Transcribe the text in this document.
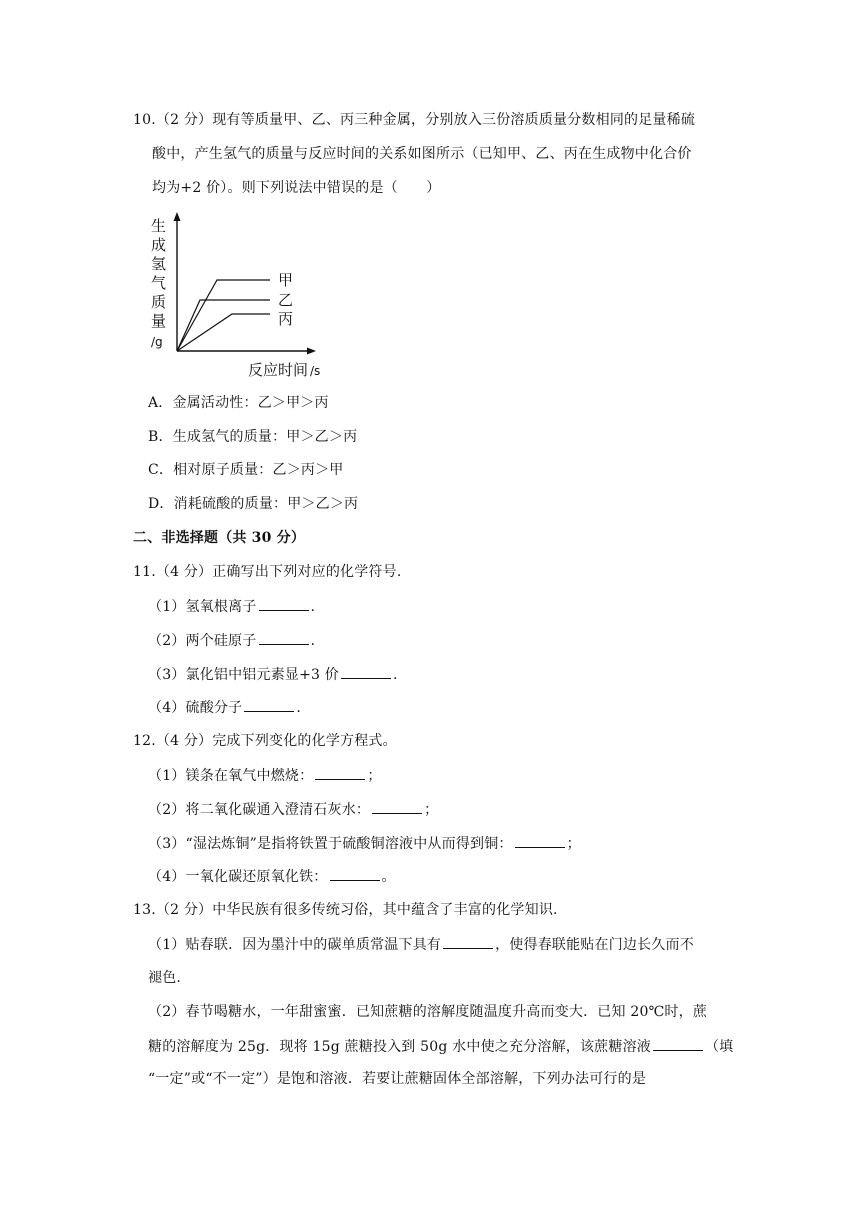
10.（2 分）现有等质量甲、乙、丙三种金属，分别放入三份溶质质量分数相同的足量稀硫
酸中，产生氢气的质量与反应时间的关系如图所示（已知甲、乙、丙在生成物中化合价
均为+2 价）。则下列说法中错误的是（　　）
生
成
氢
气
质
量
/g
甲
乙
丙
反应时间 /s
A．金属活动性：乙＞甲＞丙
B．生成氢气的质量：甲＞乙＞丙
C．相对原子质量：乙＞丙＞甲
D．消耗硫酸的质量：甲＞乙＞丙
二、非选择题（共 30 分）
11.（4 分）正确写出下列对应的化学符号.
（1）氢氧根离子	.
（2）两个硅原子	.
（3）氯化铝中铝元素显+3 价	.
（4）硫酸分子	.
12.（4 分）完成下列变化的化学方程式。
（1）镁条在氧气中燃烧：	；
（2）将二氧化碳通入澄清石灰水：	；
（3）“湿法炼铜”是指将铁置于硫酸铜溶液中从而得到铜：	；
（4）一氧化碳还原氧化铁：	。
13.（2 分）中华民族有很多传统习俗，其中蕴含了丰富的化学知识.
（1）贴春联．因为墨汁中的碳单质常温下具有	，使得春联能贴在门边长久而不
褪色.
（2）春节喝糖水，一年甜蜜蜜．已知蔗糖的溶解度随温度升高而变大．已知 20℃时，蔗
糖的溶解度为 25g．现将 15g 蔗糖投入到 50g 水中使之充分溶解，该蔗糖溶液	（填
“一定”或“不一定”）是饱和溶液．若要让蔗糖固体全部溶解，下列办法可行的是
